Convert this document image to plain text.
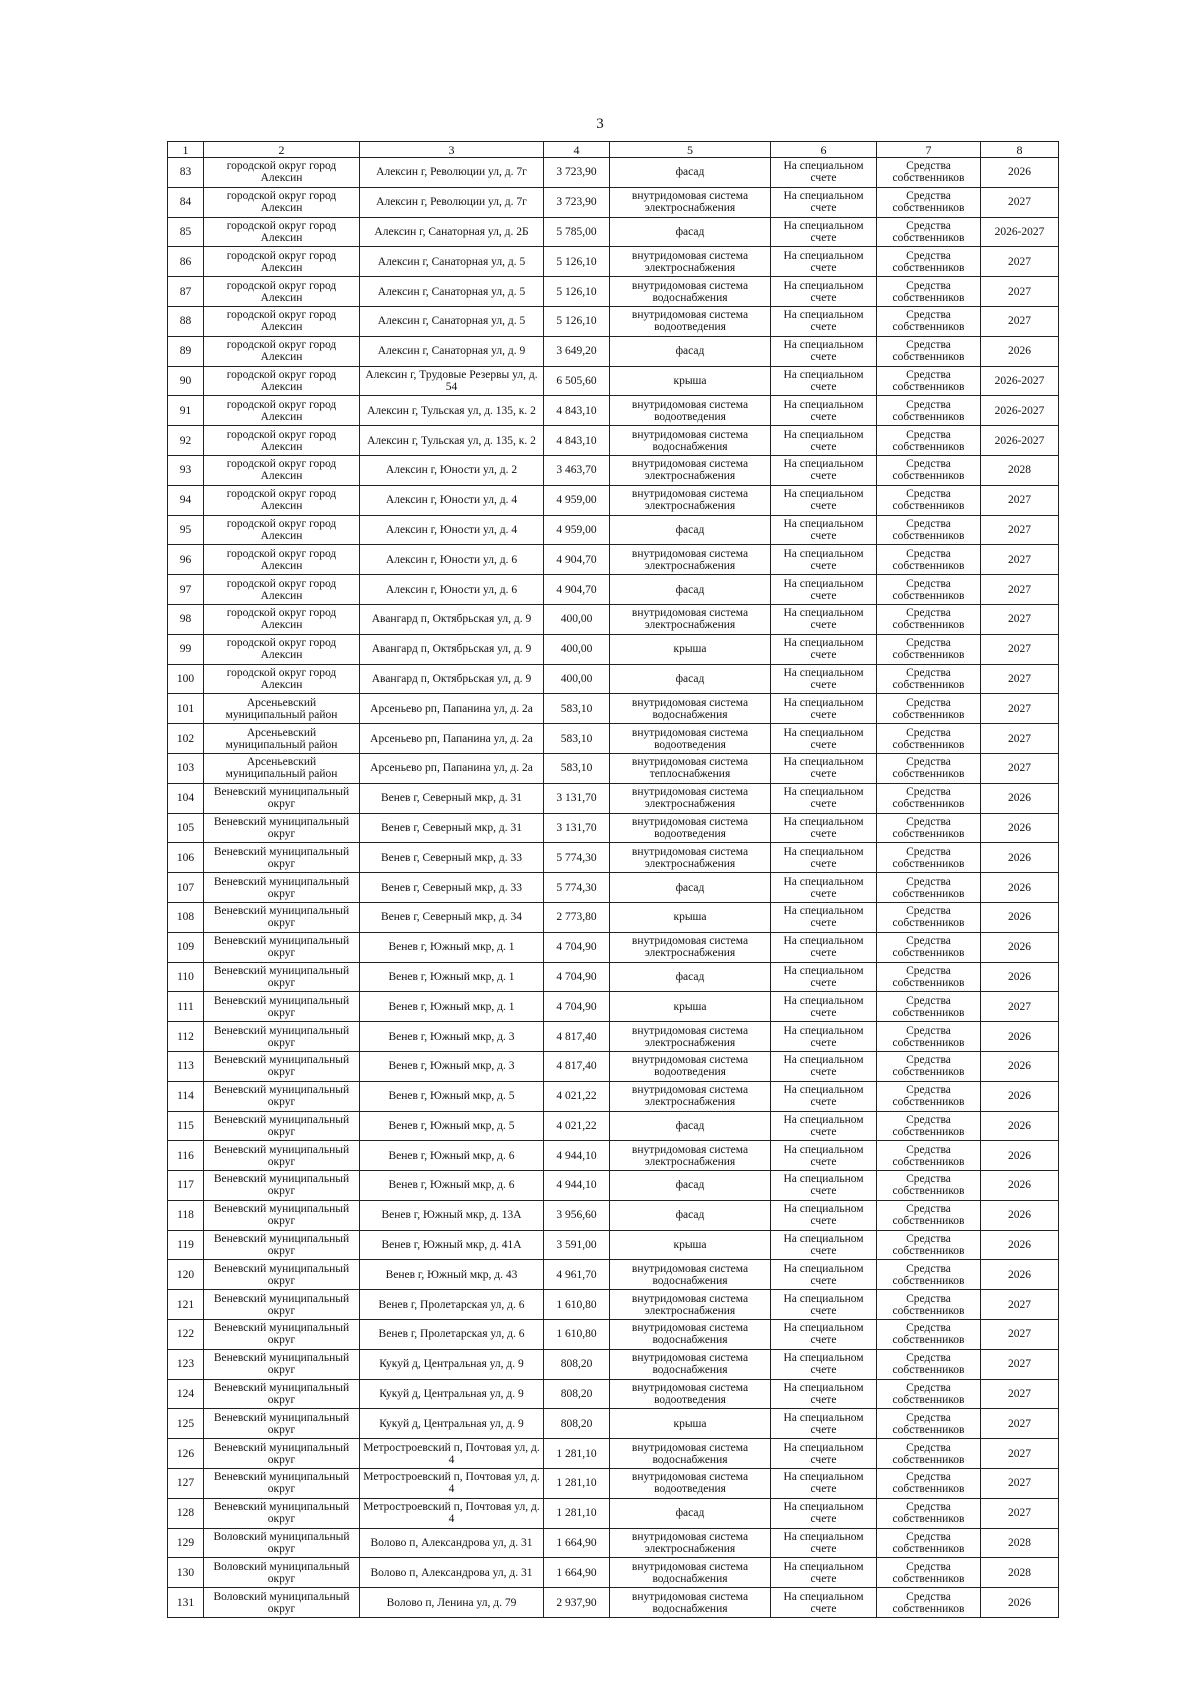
3
1	2	3	4	5	6	7	8
83	городской округ город Алексин	Алексин г, Революции ул, д. 7г	3 723,90	фасад	На специальном счете	Средства собственников	2026
84	городской округ город Алексин	Алексин г, Революции ул, д. 7г	3 723,90	внутридомовая система электроснабжения	На специальном счете	Средства собственников	2027
85	городской округ город Алексин	Алексин г, Санаторная ул, д. 2Б	5 785,00	фасад	На специальном счете	Средства собственников	2026-2027
86	городской округ город Алексин	Алексин г, Санаторная ул, д. 5	5 126,10	внутридомовая система электроснабжения	На специальном счете	Средства собственников	2027
87	городской округ город Алексин	Алексин г, Санаторная ул, д. 5	5 126,10	внутридомовая система водоснабжения	На специальном счете	Средства собственников	2027
88	городской округ город Алексин	Алексин г, Санаторная ул, д. 5	5 126,10	внутридомовая система водоотведения	На специальном счете	Средства собственников	2027
89	городской округ город Алексин	Алексин г, Санаторная ул, д. 9	3 649,20	фасад	На специальном счете	Средства собственников	2026
90	городской округ город Алексин	Алексин г, Трудовые Резервы ул, д. 54	6 505,60	крыша	На специальном счете	Средства собственников	2026-2027
91	городской округ город Алексин	Алексин г, Тульская ул, д. 135, к. 2	4 843,10	внутридомовая система водоотведения	На специальном счете	Средства собственников	2026-2027
92	городской округ город Алексин	Алексин г, Тульская ул, д. 135, к. 2	4 843,10	внутридомовая система водоснабжения	На специальном счете	Средства собственников	2026-2027
93	городской округ город Алексин	Алексин г, Юности ул, д. 2	3 463,70	внутридомовая система электроснабжения	На специальном счете	Средства собственников	2028
94	городской округ город Алексин	Алексин г, Юности ул, д. 4	4 959,00	внутридомовая система электроснабжения	На специальном счете	Средства собственников	2027
95	городской округ город Алексин	Алексин г, Юности ул, д. 4	4 959,00	фасад	На специальном счете	Средства собственников	2027
96	городской округ город Алексин	Алексин г, Юности ул, д. 6	4 904,70	внутридомовая система электроснабжения	На специальном счете	Средства собственников	2027
97	городской округ город Алексин	Алексин г, Юности ул, д. 6	4 904,70	фасад	На специальном счете	Средства собственников	2027
98	городской округ город Алексин	Авангард п, Октябрьская ул, д. 9	400,00	внутридомовая система электроснабжения	На специальном счете	Средства собственников	2027
99	городской округ город Алексин	Авангард п, Октябрьская ул, д. 9	400,00	крыша	На специальном счете	Средства собственников	2027
100	городской округ город Алексин	Авангард п, Октябрьская ул, д. 9	400,00	фасад	На специальном счете	Средства собственников	2027
101	Арсеньевский муниципальный район	Арсеньево рп, Папанина ул, д. 2а	583,10	внутридомовая система водоснабжения	На специальном счете	Средства собственников	2027
102	Арсеньевский муниципальный район	Арсеньево рп, Папанина ул, д. 2а	583,10	внутридомовая система водоотведения	На специальном счете	Средства собственников	2027
103	Арсеньевский муниципальный район	Арсеньево рп, Папанина ул, д. 2а	583,10	внутридомовая система теплоснабжения	На специальном счете	Средства собственников	2027
104	Веневский муниципальный округ	Венев г, Северный мкр, д. 31	3 131,70	внутридомовая система электроснабжения	На специальном счете	Средства собственников	2026
105	Веневский муниципальный округ	Венев г, Северный мкр, д. 31	3 131,70	внутридомовая система водоотведения	На специальном счете	Средства собственников	2026
106	Веневский муниципальный округ	Венев г, Северный мкр, д. 33	5 774,30	внутридомовая система электроснабжения	На специальном счете	Средства собственников	2026
107	Веневский муниципальный округ	Венев г, Северный мкр, д. 33	5 774,30	фасад	На специальном счете	Средства собственников	2026
108	Веневский муниципальный округ	Венев г, Северный мкр, д. 34	2 773,80	крыша	На специальном счете	Средства собственников	2026
109	Веневский муниципальный округ	Венев г, Южный мкр, д. 1	4 704,90	внутридомовая система электроснабжения	На специальном счете	Средства собственников	2026
110	Веневский муниципальный округ	Венев г, Южный мкр, д. 1	4 704,90	фасад	На специальном счете	Средства собственников	2026
111	Веневский муниципальный округ	Венев г, Южный мкр, д. 1	4 704,90	крыша	На специальном счете	Средства собственников	2027
112	Веневский муниципальный округ	Венев г, Южный мкр, д. 3	4 817,40	внутридомовая система электроснабжения	На специальном счете	Средства собственников	2026
113	Веневский муниципальный округ	Венев г, Южный мкр, д. 3	4 817,40	внутридомовая система водоотведения	На специальном счете	Средства собственников	2026
114	Веневский муниципальный округ	Венев г, Южный мкр, д. 5	4 021,22	внутридомовая система электроснабжения	На специальном счете	Средства собственников	2026
115	Веневский муниципальный округ	Венев г, Южный мкр, д. 5	4 021,22	фасад	На специальном счете	Средства собственников	2026
116	Веневский муниципальный округ	Венев г, Южный мкр, д. 6	4 944,10	внутридомовая система электроснабжения	На специальном счете	Средства собственников	2026
117	Веневский муниципальный округ	Венев г, Южный мкр, д. 6	4 944,10	фасад	На специальном счете	Средства собственников	2026
118	Веневский муниципальный округ	Венев г, Южный мкр, д. 13А	3 956,60	фасад	На специальном счете	Средства собственников	2026
119	Веневский муниципальный округ	Венев г, Южный мкр, д. 41А	3 591,00	крыша	На специальном счете	Средства собственников	2026
120	Веневский муниципальный округ	Венев г, Южный мкр, д. 43	4 961,70	внутридомовая система водоснабжения	На специальном счете	Средства собственников	2026
121	Веневский муниципальный округ	Венев г, Пролетарская ул, д. 6	1 610,80	внутридомовая система электроснабжения	На специальном счете	Средства собственников	2027
122	Веневский муниципальный округ	Венев г, Пролетарская ул, д. 6	1 610,80	внутридомовая система водоснабжения	На специальном счете	Средства собственников	2027
123	Веневский муниципальный округ	Кукуй д, Центральная ул, д. 9	808,20	внутридомовая система водоснабжения	На специальном счете	Средства собственников	2027
124	Веневский муниципальный округ	Кукуй д, Центральная ул, д. 9	808,20	внутридомовая система водоотведения	На специальном счете	Средства собственников	2027
125	Веневский муниципальный округ	Кукуй д, Центральная ул, д. 9	808,20	крыша	На специальном счете	Средства собственников	2027
126	Веневский муниципальный округ	Метростроевский п, Почтовая ул, д. 4	1 281,10	внутридомовая система водоснабжения	На специальном счете	Средства собственников	2027
127	Веневский муниципальный округ	Метростроевский п, Почтовая ул, д. 4	1 281,10	внутридомовая система водоотведения	На специальном счете	Средства собственников	2027
128	Веневский муниципальный округ	Метростроевский п, Почтовая ул, д. 4	1 281,10	фасад	На специальном счете	Средства собственников	2027
129	Воловский муниципальный округ	Волово п, Александрова ул, д. 31	1 664,90	внутридомовая система электроснабжения	На специальном счете	Средства собственников	2028
130	Воловский муниципальный округ	Волово п, Александрова ул, д. 31	1 664,90	внутридомовая система водоснабжения	На специальном счете	Средства собственников	2028
131	Воловский муниципальный округ	Волово п, Ленина ул, д. 79	2 937,90	внутридомовая система водоснабжения	На специальном счете	Средства собственников	2026
